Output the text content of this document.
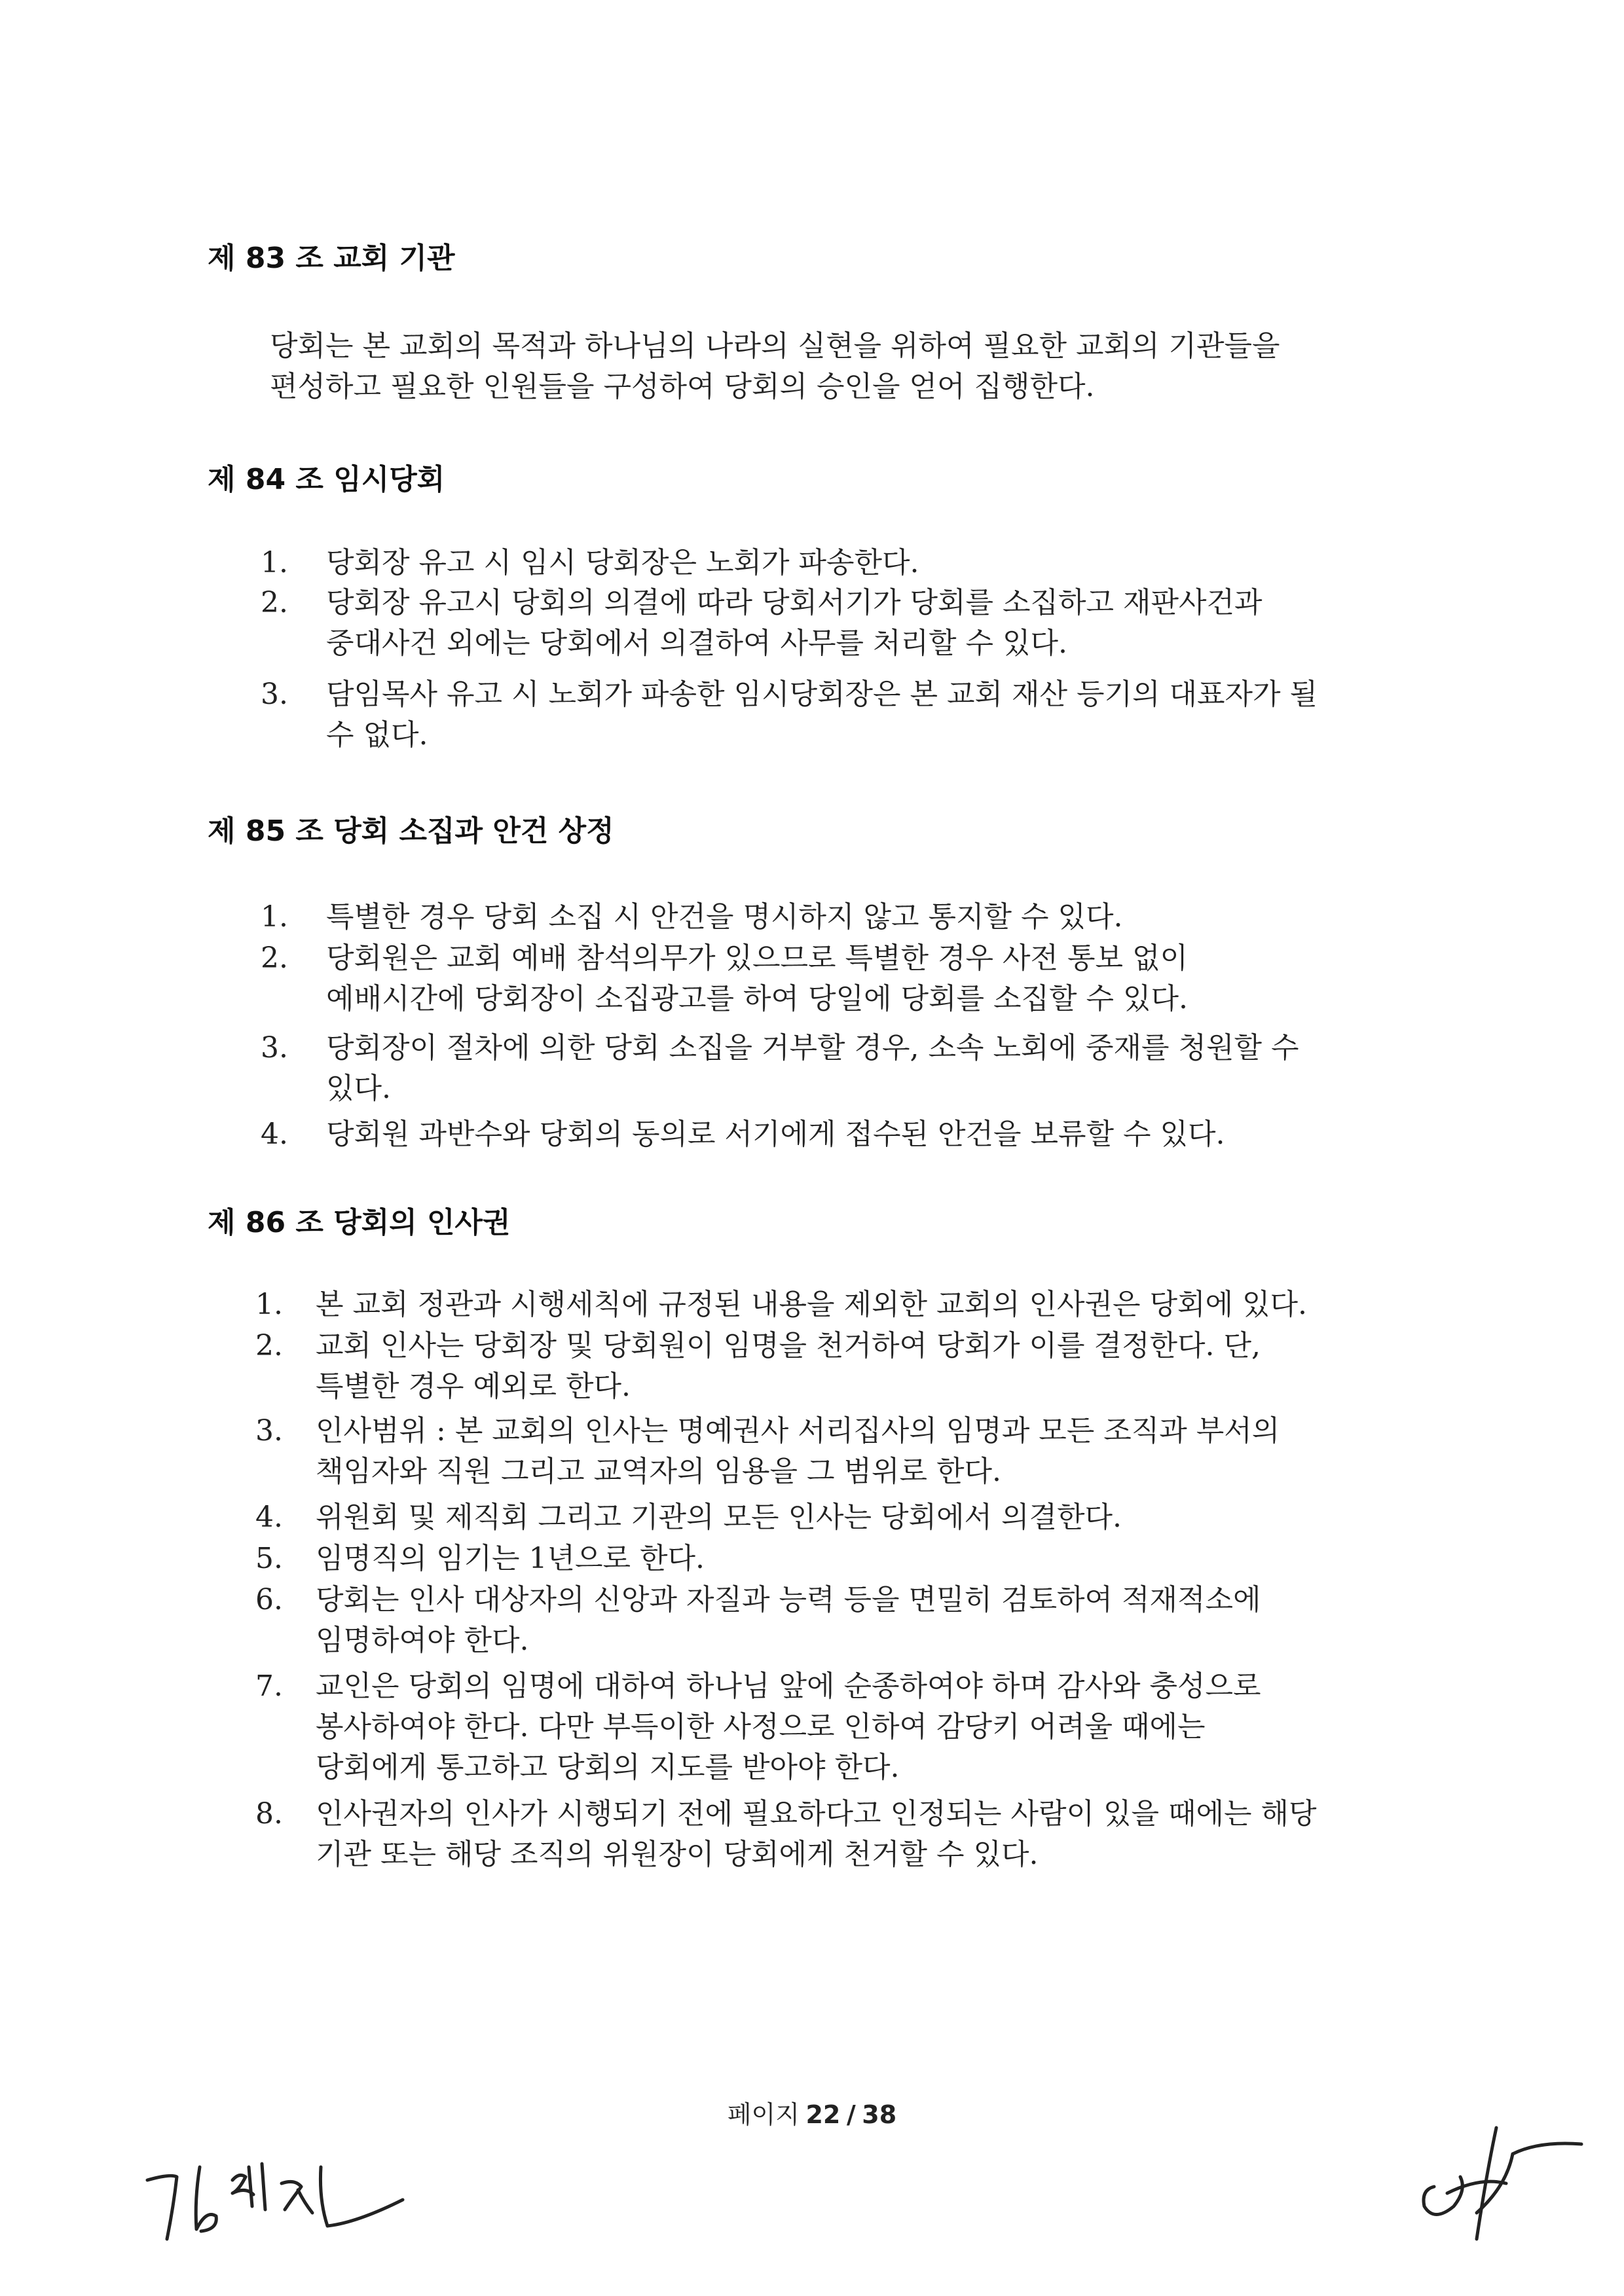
제 83 조 교회 기관
당회는 본 교회의 목적과 하나님의 나라의 실현을 위하여 필요한 교회의 기관들을
편성하고 필요한 인원들을 구성하여 당회의 승인을 얻어 집행한다.
제 84 조 임시당회
1. 당회장 유고 시 임시 당회장은 노회가 파송한다.
2. 당회장 유고시 당회의 의결에 따라 당회서기가 당회를 소집하고 재판사건과
중대사건 외에는 당회에서 의결하여 사무를 처리할 수 있다.
3. 담임목사 유고 시 노회가 파송한 임시당회장은 본 교회 재산 등기의 대표자가 될
수 없다.
제 85 조 당회 소집과 안건 상정
1. 특별한 경우 당회 소집 시 안건을 명시하지 않고 통지할 수 있다.
2. 당회원은 교회 예배 참석의무가 있으므로 특별한 경우 사전 통보 없이
예배시간에 당회장이 소집광고를 하여 당일에 당회를 소집할 수 있다.
3. 당회장이 절차에 의한 당회 소집을 거부할 경우, 소속 노회에 중재를 청원할 수
있다.
4. 당회원 과반수와 당회의 동의로 서기에게 접수된 안건을 보류할 수 있다.
제 86 조 당회의 인사권
1. 본 교회 정관과 시행세칙에 규정된 내용을 제외한 교회의 인사권은 당회에 있다.
2. 교회 인사는 당회장 및 당회원이 임명을 천거하여 당회가 이를 결정한다. 단,
특별한 경우 예외로 한다.
3. 인사범위 : 본 교회의 인사는 명예권사 서리집사의 임명과 모든 조직과 부서의
책임자와 직원 그리고 교역자의 임용을 그 범위로 한다.
4. 위원회 및 제직회 그리고 기관의 모든 인사는 당회에서 의결한다.
5. 임명직의 임기는 1년으로 한다.
6. 당회는 인사 대상자의 신앙과 자질과 능력 등을 면밀히 검토하여 적재적소에
임명하여야 한다.
7. 교인은 당회의 임명에 대하여 하나님 앞에 순종하여야 하며 감사와 충성으로
봉사하여야 한다. 다만 부득이한 사정으로 인하여 감당키 어려울 때에는
당회에게 통고하고 당회의 지도를 받아야 한다.
8. 인사권자의 인사가 시행되기 전에 필요하다고 인정되는 사람이 있을 때에는 해당
기관 또는 해당 조직의 위원장이 당회에게 천거할 수 있다.
페이지 22 / 38
